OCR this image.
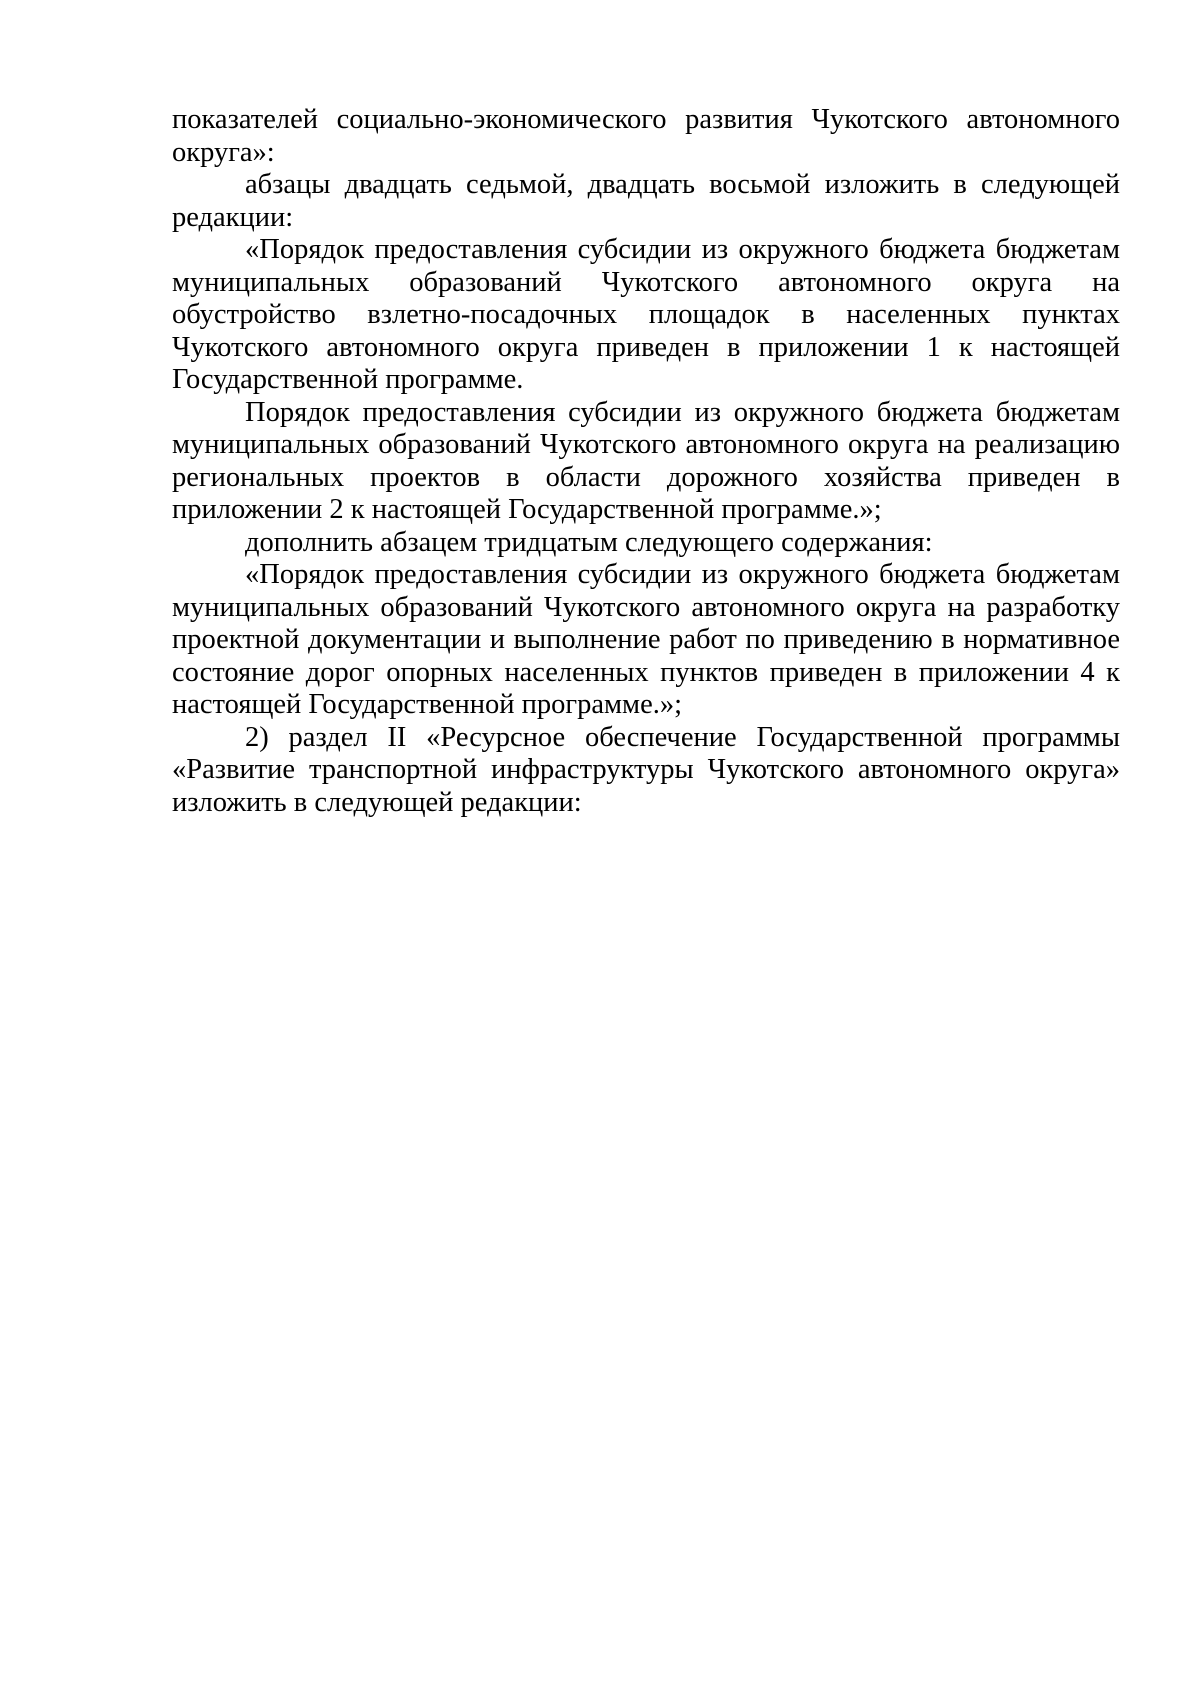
показателей социально-экономического развития Чукотского автономного округа»:

абзацы двадцать седьмой, двадцать восьмой изложить в следующей редакции:

«Порядок предоставления субсидии из окружного бюджета бюджетам муниципальных образований Чукотского автономного округа на обустройство взлетно-посадочных площадок в населенных пунктах Чукотского автономного округа приведен в приложении 1 к настоящей Государственной программе.

Порядок предоставления субсидии из окружного бюджета бюджетам муниципальных образований Чукотского автономного округа на реализацию региональных проектов в области дорожного хозяйства приведен в приложении 2 к настоящей Государственной программе.»;

дополнить абзацем тридцатым следующего содержания:

«Порядок предоставления субсидии из окружного бюджета бюджетам муниципальных образований Чукотского автономного округа на разработку проектной документации и выполнение работ по приведению в нормативное состояние дорог опорных населенных пунктов приведен в приложении 4 к настоящей Государственной программе.»;

2) раздел II «Ресурсное обеспечение Государственной программы «Развитие транспортной инфраструктуры Чукотского автономного округа» изложить в следующей редакции:
